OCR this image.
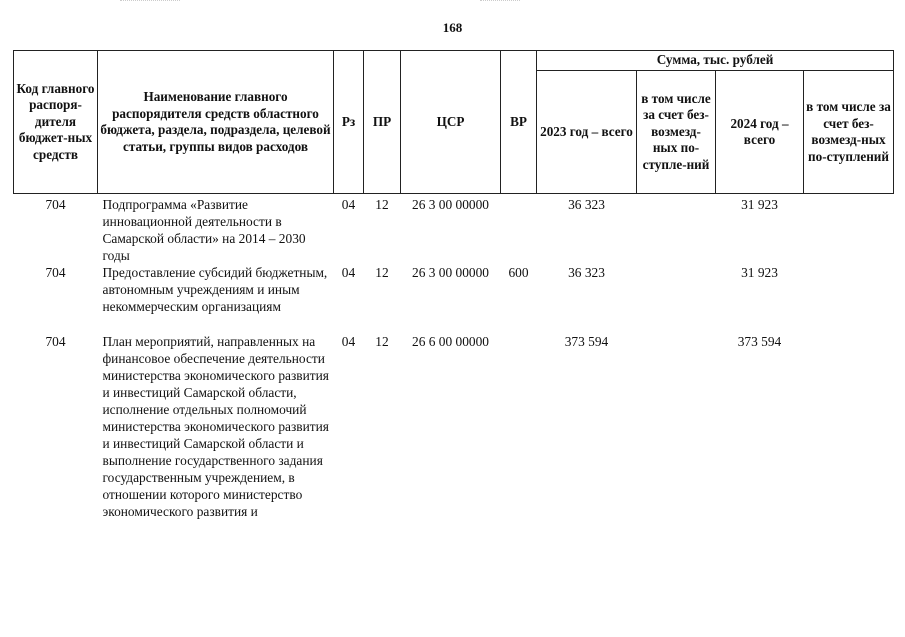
168
Код главного распоря-дителя бюджет-ных средств	Наименование главного распорядителя средств областного бюджета, раздела, подраздела, целевой статьи, группы видов расходов	Рз	ПР	ЦСР	ВР	Сумма, тыс. рублей			
						2023 год – всего	в том числе за счет без-возмезд-ных по-ступле-ний	2024 год – всего	в том числе за счет без-возмезд-ных по-ступлений
704	Подпрограмма «Развитие инновационной деятельности в Самарской области» на 2014 – 2030 годы	04	12	26 3 00 00000		36 323		31 923	
704	Предоставление субсидий бюджетным, автономным учреждениям и иным некоммерческим организациям	04	12	26 3 00 00000	600	36 323		31 923	
704	План мероприятий, направленных на финансовое обеспечение деятельности министерства экономического развития и инвестиций Самарской области, исполнение отдельных полномочий министерства экономического развития и инвестиций Самарской области и выполнение государственного задания государственным учреждением, в отношении которого министерство экономического развития и	04	12	26 6 00 00000		373 594		373 594	
